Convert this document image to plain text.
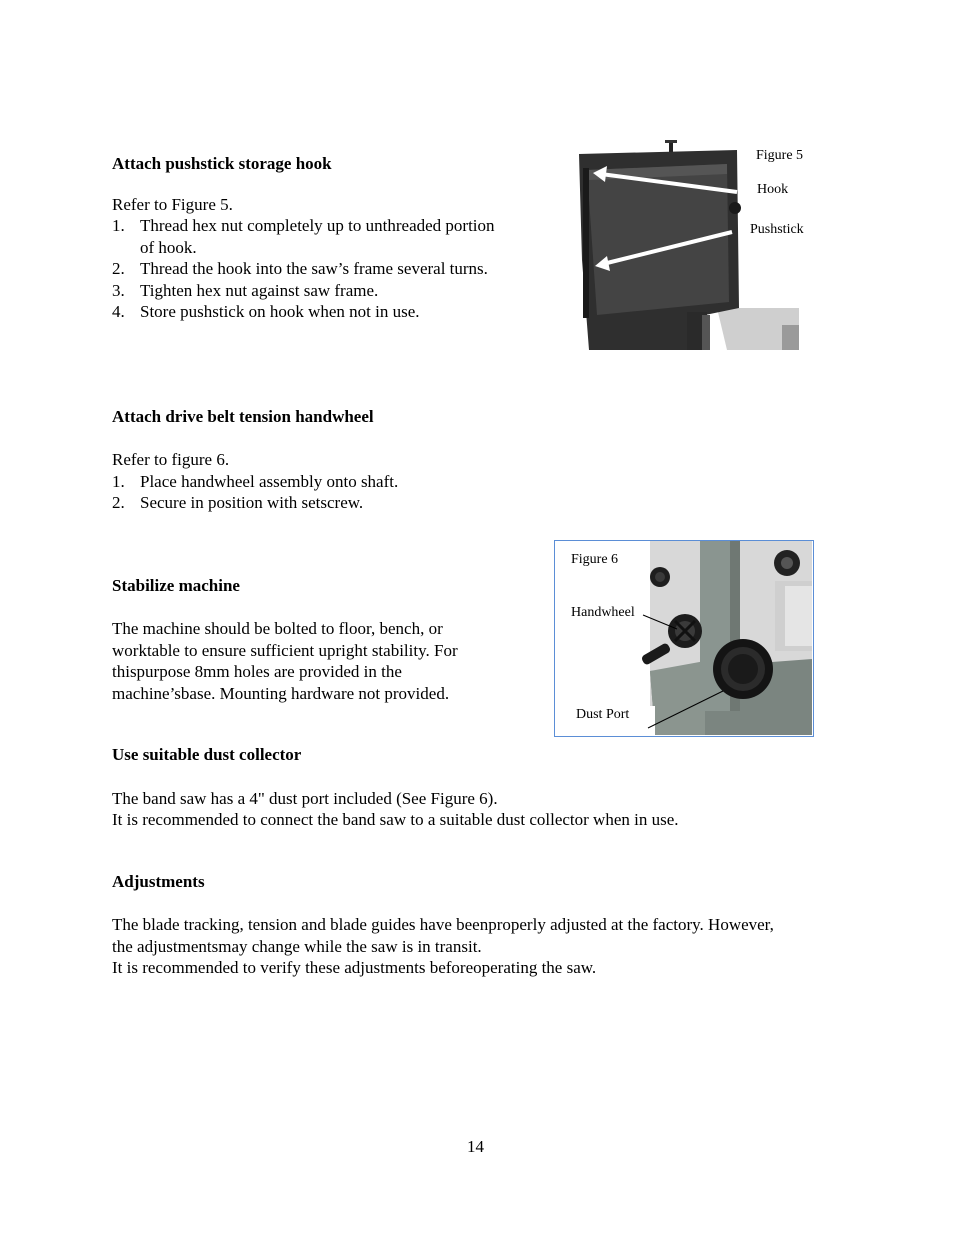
Attach pushstick storage hook
Refer to Figure 5.
1. Thread hex nut completely up to unthreaded portion
of hook.
2. Thread the hook into the saw’s frame several turns.
3. Tighten hex nut against saw frame.
4. Store pushstick on hook when not in use.
Figure 5
Hook
Pushstick
Attach drive belt tension handwheel
Refer to figure 6.
1. Place handwheel assembly onto shaft.
2. Secure in position with setscrew.
Figure 6
Handwheel
Dust Port
Stabilize machine
The machine should be bolted to floor, bench, or
worktable to ensure sufficient upright stability. For
thispurpose 8mm holes are provided in the
machine’sbase. Mounting hardware not provided.
Use suitable dust collector
The band saw has a 4" dust port included (See Figure 6).
It is recommended to connect the band saw to a suitable dust collector when in use.
Adjustments
The blade tracking, tension and blade guides have beenproperly adjusted at the factory. However,
the adjustmentsmay change while the saw is in transit.
It is recommended to verify these adjustments beforeoperating the saw.
14
